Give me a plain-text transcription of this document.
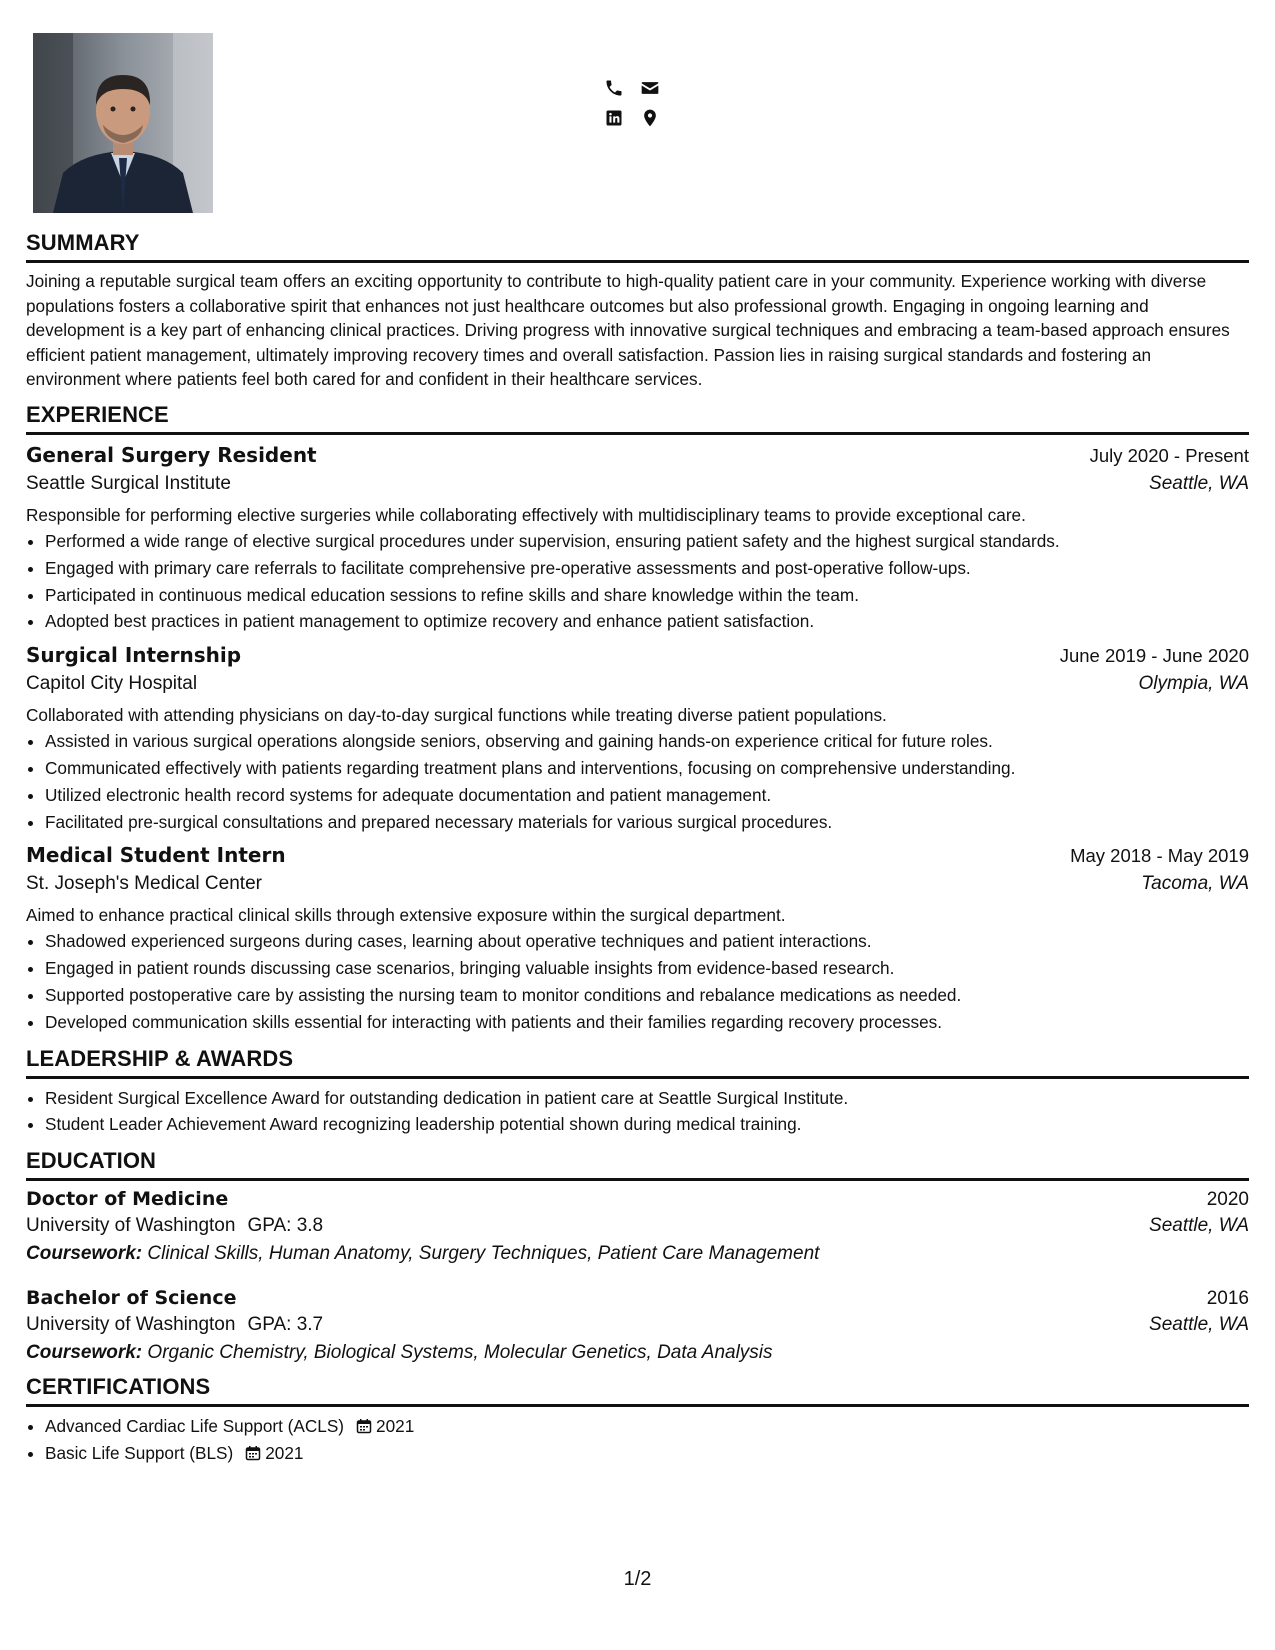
SUMMARY

Joining a reputable surgical team offers an exciting opportunity to contribute to high-quality patient care in your community. Experience working with diverse populations fosters a collaborative spirit that enhances not just healthcare outcomes but also professional growth. Engaging in ongoing learning and development is a key part of enhancing clinical practices. Driving progress with innovative surgical techniques and embracing a team-based approach ensures efficient patient management, ultimately improving recovery times and overall satisfaction. Passion lies in raising surgical standards and fostering an environment where patients feel both cared for and confident in their healthcare services.

EXPERIENCE
General Surgery Resident	July 2020 - Present
Seattle Surgical Institute	Seattle, WA
Responsible for performing elective surgeries while collaborating effectively with multidisciplinary teams to provide exceptional care.
• Performed a wide range of elective surgical procedures under supervision, ensuring patient safety and the highest surgical standards.
• Engaged with primary care referrals to facilitate comprehensive pre-operative assessments and post-operative follow-ups.
• Participated in continuous medical education sessions to refine skills and share knowledge within the team.
• Adopted best practices in patient management to optimize recovery and enhance patient satisfaction.
Surgical Internship	June 2019 - June 2020
Capitol City Hospital	Olympia, WA
Collaborated with attending physicians on day-to-day surgical functions while treating diverse patient populations.
• Assisted in various surgical operations alongside seniors, observing and gaining hands-on experience critical for future roles.
• Communicated effectively with patients regarding treatment plans and interventions, focusing on comprehensive understanding.
• Utilized electronic health record systems for adequate documentation and patient management.
• Facilitated pre-surgical consultations and prepared necessary materials for various surgical procedures.
Medical Student Intern	May 2018 - May 2019
St. Joseph's Medical Center	Tacoma, WA
Aimed to enhance practical clinical skills through extensive exposure within the surgical department.
• Shadowed experienced surgeons during cases, learning about operative techniques and patient interactions.
• Engaged in patient rounds discussing case scenarios, bringing valuable insights from evidence-based research.
• Supported postoperative care by assisting the nursing team to monitor conditions and rebalance medications as needed.
• Developed communication skills essential for interacting with patients and their families regarding recovery processes.
LEADERSHIP & AWARDS
• Resident Surgical Excellence Award for outstanding dedication in patient care at Seattle Surgical Institute.
• Student Leader Achievement Award recognizing leadership potential shown during medical training.
EDUCATION
Doctor of Medicine	2020
University of Washington GPA: 3.8	Seattle, WA
Coursework: Clinical Skills, Human Anatomy, Surgery Techniques, Patient Care Management
Bachelor of Science	2016
University of Washington GPA: 3.7	Seattle, WA
Coursework: Organic Chemistry, Biological Systems, Molecular Genetics, Data Analysis
CERTIFICATIONS
• Advanced Cardiac Life Support (ACLS) 2021
• Basic Life Support (BLS) 2021
1/2
